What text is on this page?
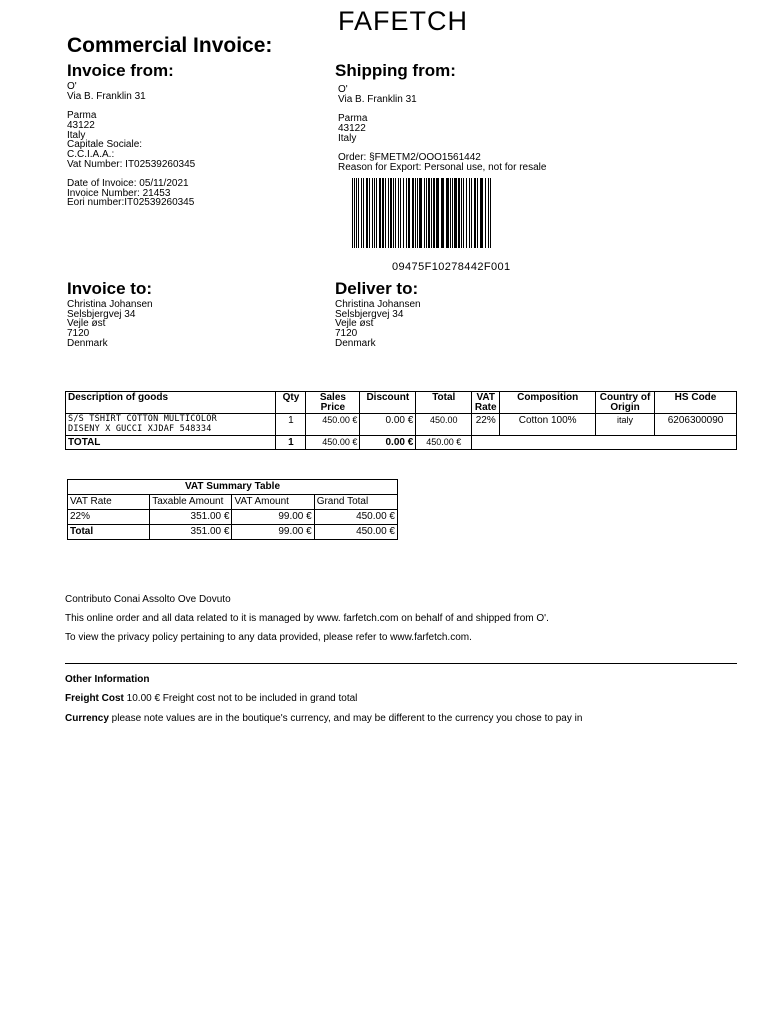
FAFETCH
Commercial Invoice:
Invoice from:
O'
Via B. Franklin 31
Parma
43122
Italy
Capitale Sociale:
C.C.I.A.A.:
Vat Number: IT02539260345
Date of Invoice: 05/11/2021
Invoice Number: 21453
Eori number:IT02539260345
Shipping from:
O'
Via B. Franklin 31
Parma
43122
Italy
Order: §FMETM2/OOO1561442
Reason for Export: Personal use, not for resale
09475F10278442F001
Invoice to:
Christina Johansen
Selsbjergvej 34
Vejle øst
7120
Denmark
Deliver to:
Christina Johansen
Selsbjergvej 34
Vejle øst
7120
Denmark
Description of goods	Qty	Sales Price	Discount	Total	VAT Rate	Composition	Country of Origin	HS Code

S/S TSHIRT COTTON MULTICOLOR
DISENY X GUCCI XJDAF 548334	1	450.00 €	0.00 €	450.00	22%	Cotton 100%	italy	6206300090
TOTAL	1	450.00 €	0.00 €	450.00 €				
VAT Summary Table			
VAT Rate	Taxable Amount	VAT Amount	Grand Total
22%	351.00 €	99.00 €	450.00 €
Total	351.00 €	99.00 €	450.00 €
Contributo Conai Assolto Ove Dovuto
This online order and all data related to it is managed by www. farfetch.com on behalf of and shipped from O'.
To view the privacy policy pertaining to any data provided, please refer to www.farfetch.com.
Other Information
Freight Cost 10.00 € Freight cost not to be included in grand total
Currency please note values are in the boutique's currency, and may be different to the currency you chose to pay in
